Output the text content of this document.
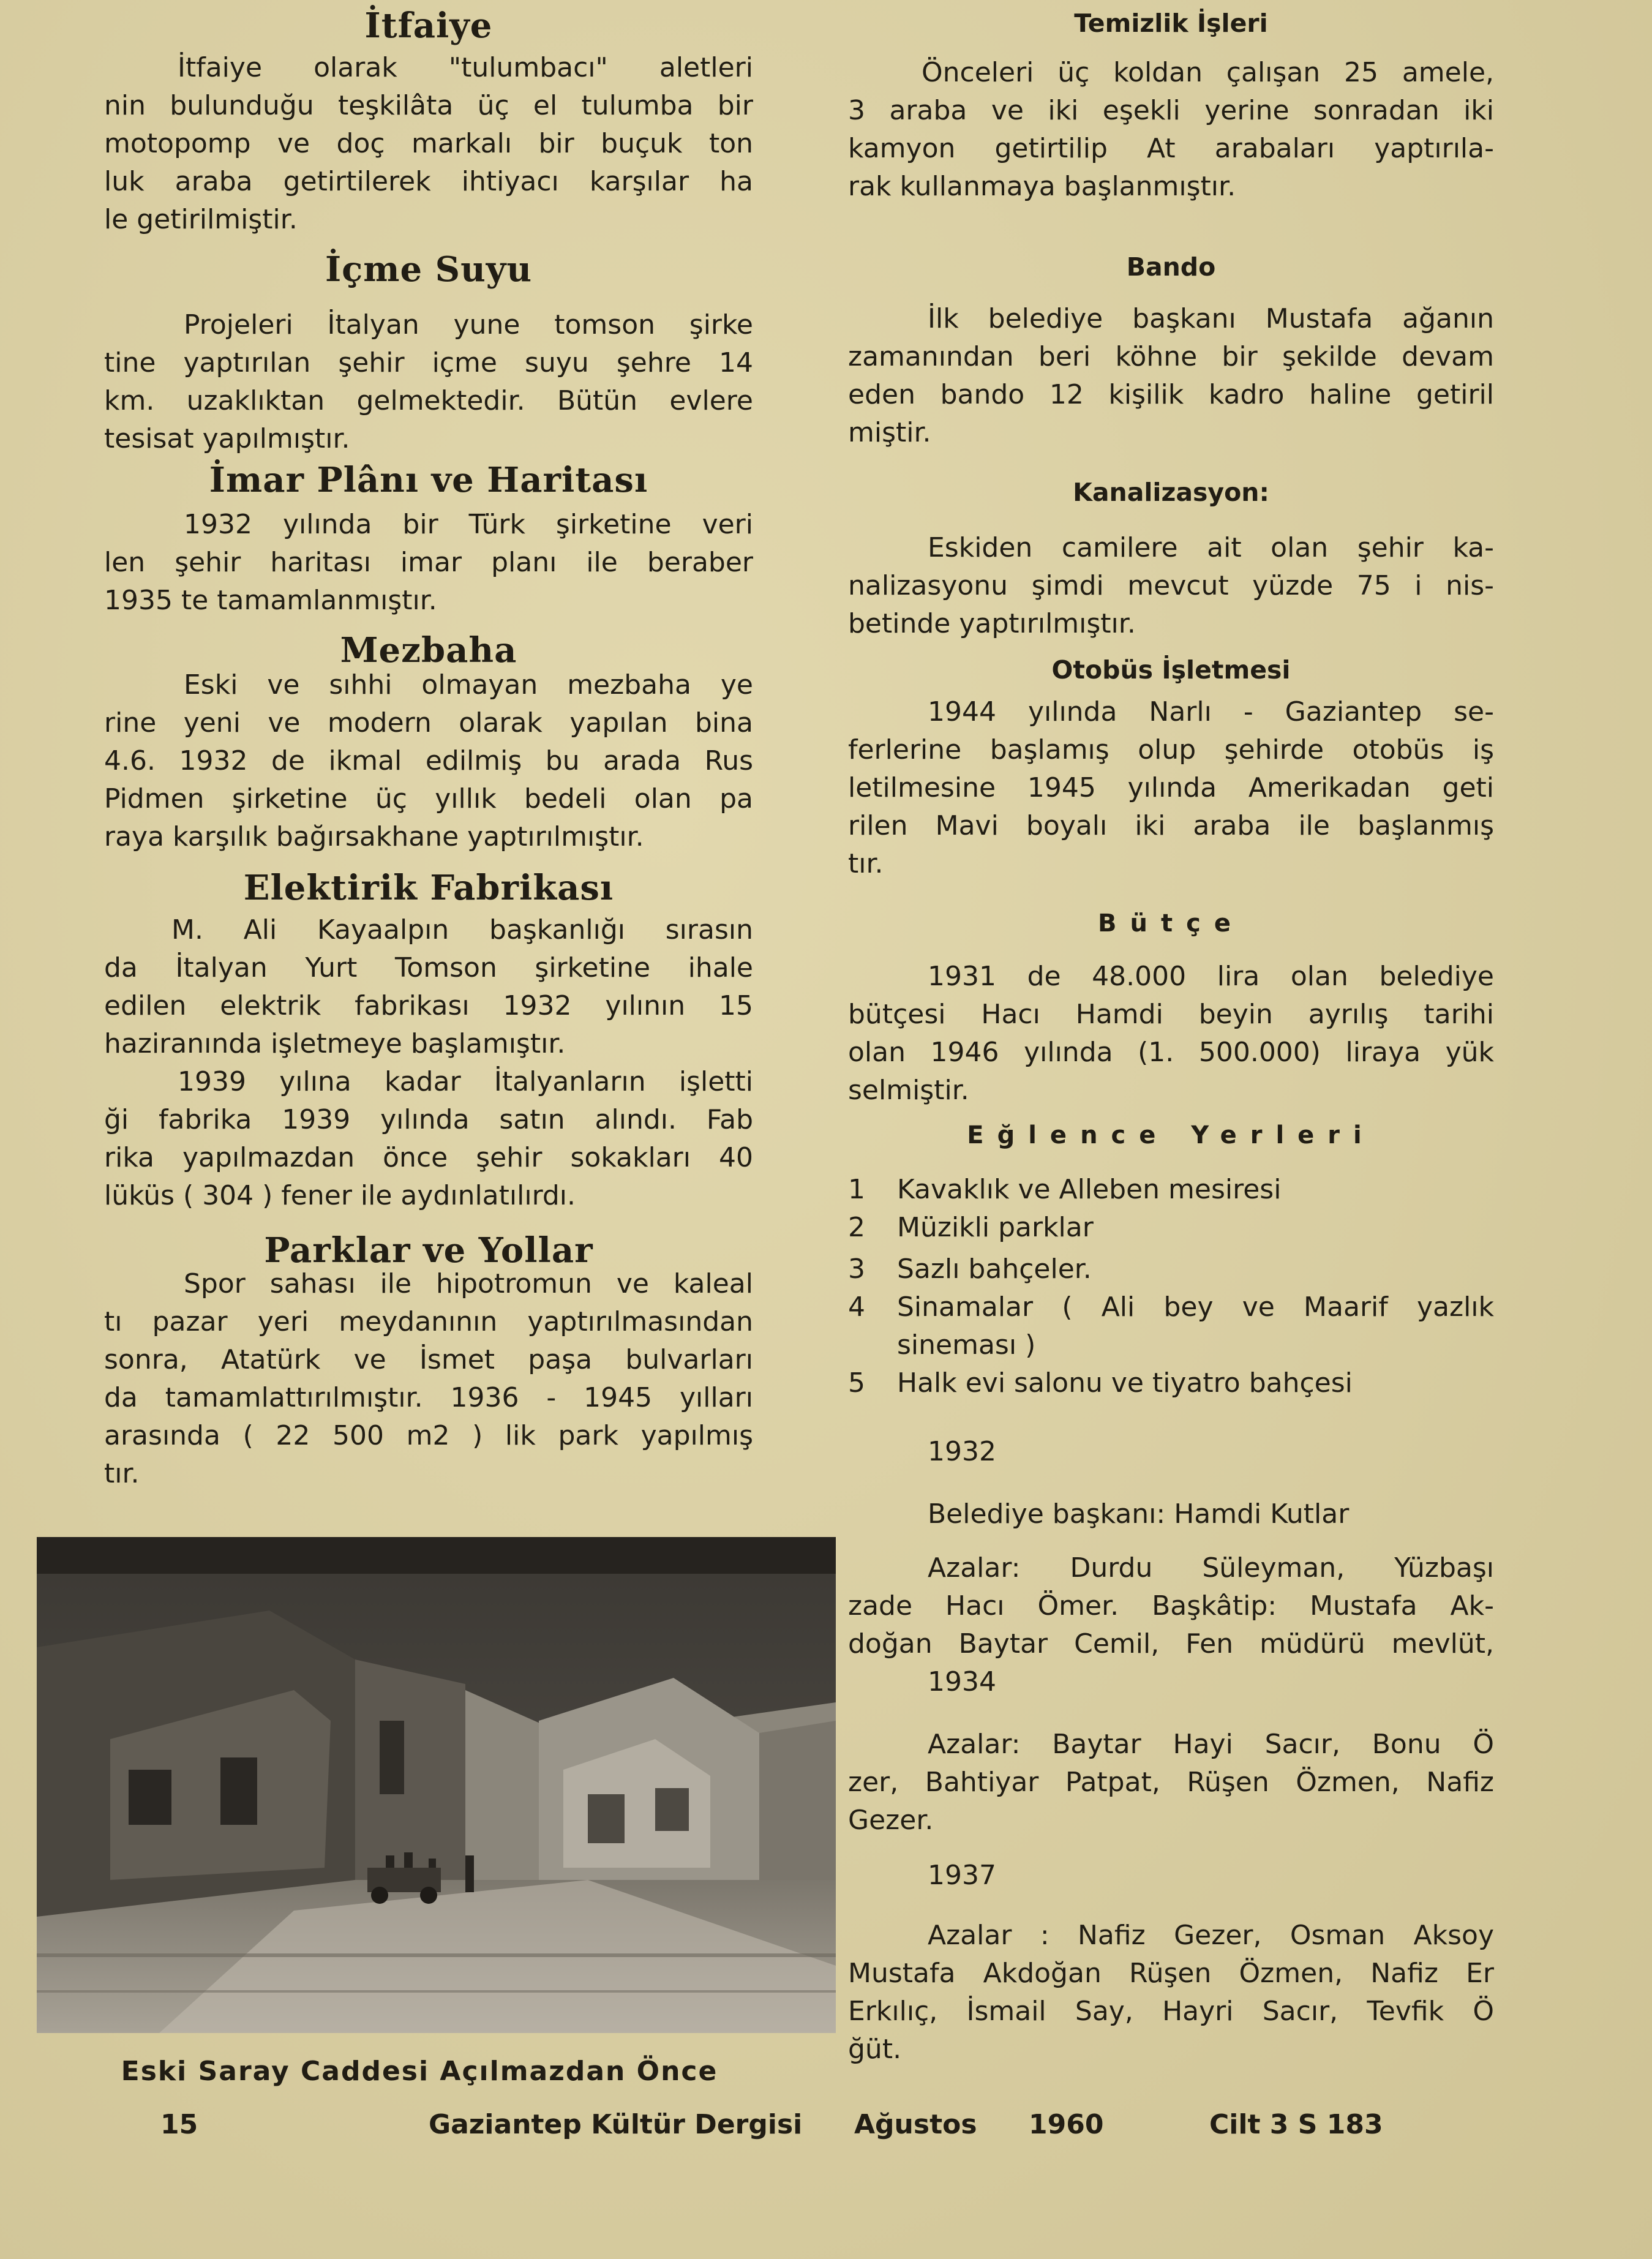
İtfaiye
İtfaiye olarak "tulumbacı" aletleri
nin bulunduğu teşkilâta üç el tulumba bir
motopomp ve doç markalı bir buçuk ton
luk araba getirtilerek ihtiyacı karşılar ha
le getirilmiştir.
İçme Suyu
Projeleri İtalyan yune tomson şirke
tine yaptırılan şehir içme suyu şehre 14
km. uzaklıktan gelmektedir. Bütün evlere
tesisat yapılmıştır.
İmar Plânı ve Haritası
1932 yılında bir Türk şirketine veri
len şehir haritası imar planı ile beraber
1935 te tamamlanmıştır.
Mezbaha
Eski ve sıhhi olmayan mezbaha ye
rine yeni ve modern olarak yapılan bina
4.6. 1932 de ikmal edilmiş bu arada Rus
Pidmen şirketine üç yıllık bedeli olan pa
raya karşılık bağırsakhane yaptırılmıştır.
Elektirik Fabrikası
M. Ali Kayaalpın başkanlığı sırasın
da İtalyan Yurt Tomson şirketine ihale
edilen elektrik fabrikası 1932 yılının 15
haziranında işletmeye başlamıştır.
1939 yılına kadar İtalyanların işletti
ği fabrika 1939 yılında satın alındı. Fab
rika yapılmazdan önce şehir sokakları 40
lüküs ( 304 ) fener ile aydınlatılırdı.
Parklar ve Yollar
Spor sahası ile hipotromun ve kaleal
tı pazar yeri meydanının yaptırılmasından
sonra, Atatürk ve İsmet paşa bulvarları
da tamamlattırılmıştır. 1936 - 1945 yılları
arasında ( 22 500 m2 ) lik park yapılmış
tır.
Eski Saray Caddesi Açılmazdan Önce
Temizlik İşleri
Önceleri üç koldan çalışan 25 amele,
3 araba ve iki eşekli yerine sonradan iki
kamyon getirtilip At arabaları yaptırıla-
rak kullanmaya başlanmıştır.
Bando
İlk belediye başkanı Mustafa ağanın
zamanından beri köhne bir şekilde devam
eden bando 12 kişilik kadro haline getiril
miştir.
Kanalizasyon:
Eskiden camilere ait olan şehir ka-
nalizasyonu şimdi mevcut yüzde 75 i nis-
betinde yaptırılmıştır.
Otobüs İşletmesi
1944 yılında Narlı - Gaziantep se-
ferlerine başlamış olup şehirde otobüs iş
letilmesine 1945 yılında Amerikadan geti
rilen Mavi boyalı iki araba ile başlanmış
tır.
Bütçe
1931 de 48.000 lira olan belediye
bütçesi Hacı Hamdi beyin ayrılış tarihi
olan 1946 yılında (1. 500.000) liraya yük
selmiştir.
Eğlence Yerleri
1	Kavaklık ve Alleben mesiresi
2	Müzikli parklar
3	Sazlı bahçeler.
4	Sinamalar ( Ali bey ve Maarif yazlık sineması )
5	Halk evi salonu ve tiyatro bahçesi
1932
Belediye başkanı: Hamdi Kutlar
Azalar: Durdu Süleyman, Yüzbaşı
zade Hacı Ömer. Başkâtip: Mustafa Ak-
doğan Baytar Cemil, Fen müdürü mevlüt,
1934
Azalar: Baytar Hayi Sacır, Bonu Ö
zer, Bahtiyar Patpat, Rüşen Özmen, Nafiz
Gezer.
1937
Azalar : Nafiz Gezer, Osman Aksoy
Mustafa Akdoğan Rüşen Özmen, Nafiz Er
Erkılıç, İsmail Say, Hayri Sacır, Tevfik Ö
ğüt.
15	Gaziantep Kültür Dergisi Ağustos 1960	Cilt 3 S 183
